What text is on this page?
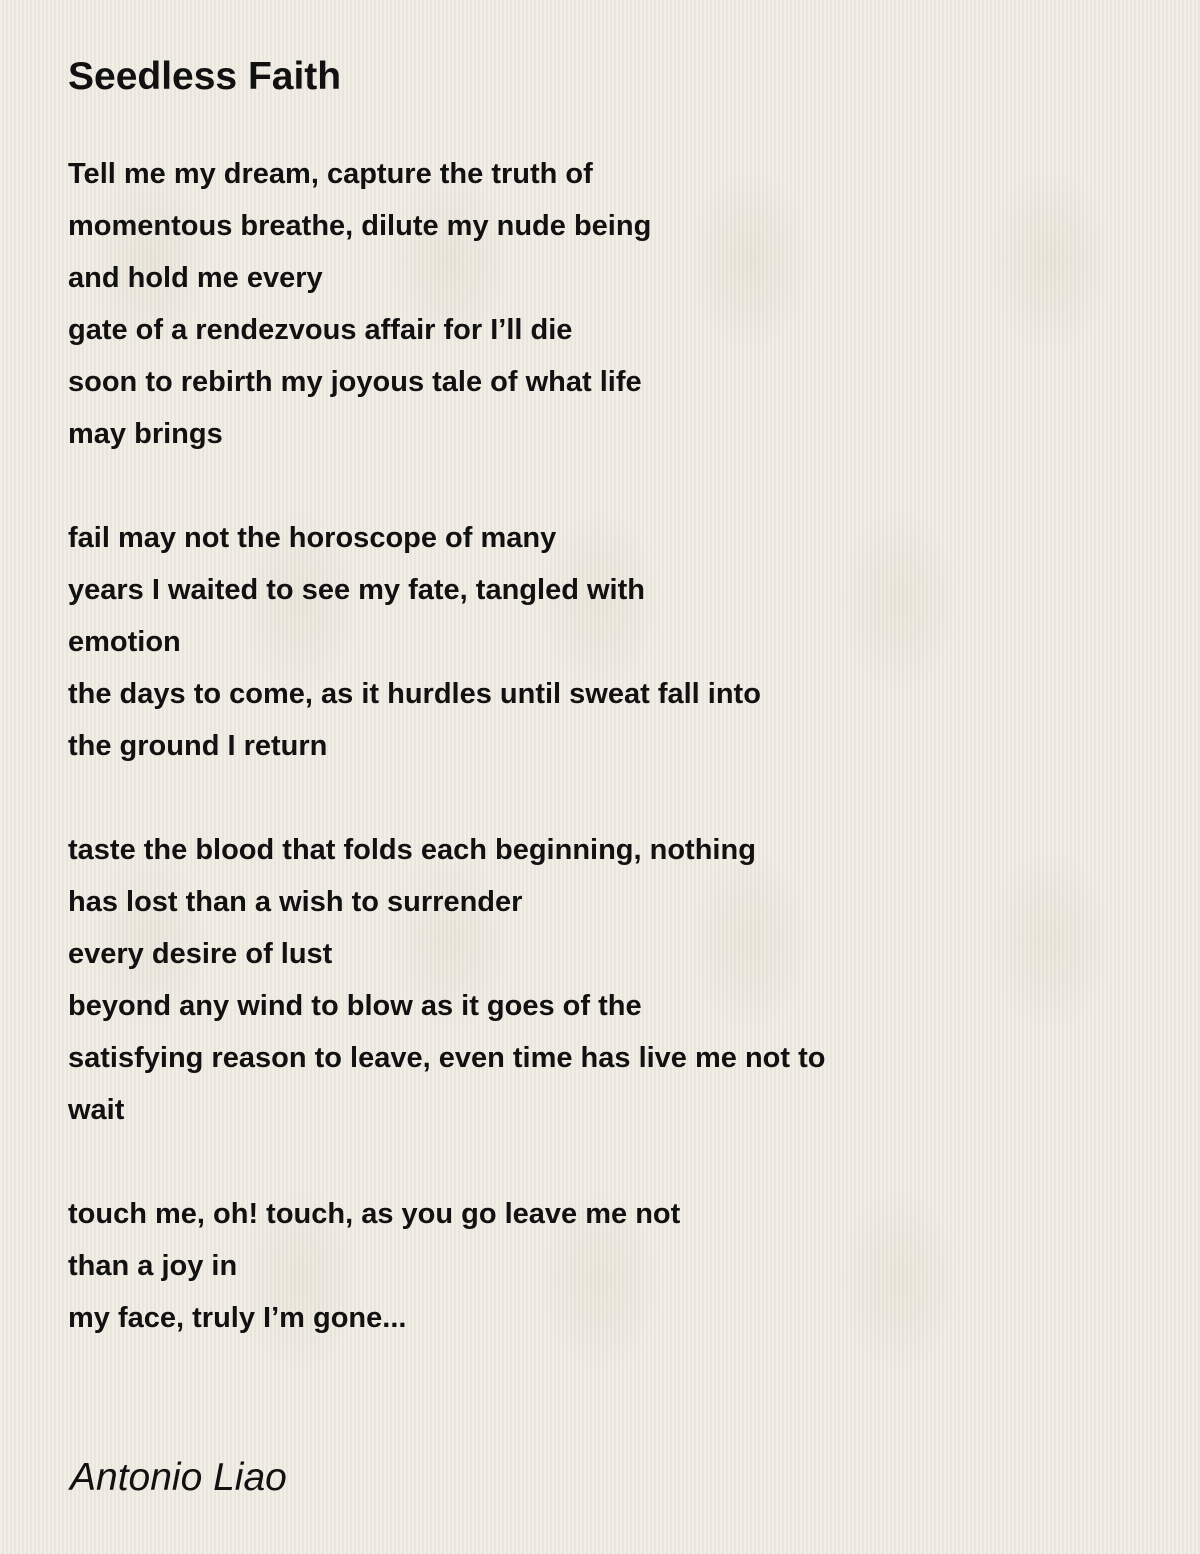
Seedless Faith
Tell me my dream, capture the truth of
momentous breathe, dilute my nude being
and hold me every
gate of a rendezvous affair for I’ll die
soon to rebirth my joyous tale of what life
may brings
fail may not the horoscope of many
years I waited to see my fate, tangled with
emotion
the days to come, as it hurdles until sweat fall into
the ground I return
taste the blood that folds each beginning, nothing
has lost than a wish to surrender
every desire of lust
beyond any wind to blow as it goes of the
satisfying reason to leave, even time has live me not to
wait
touch me, oh! touch, as you go leave me not
than a joy in
my face, truly I’m gone...
Antonio Liao
